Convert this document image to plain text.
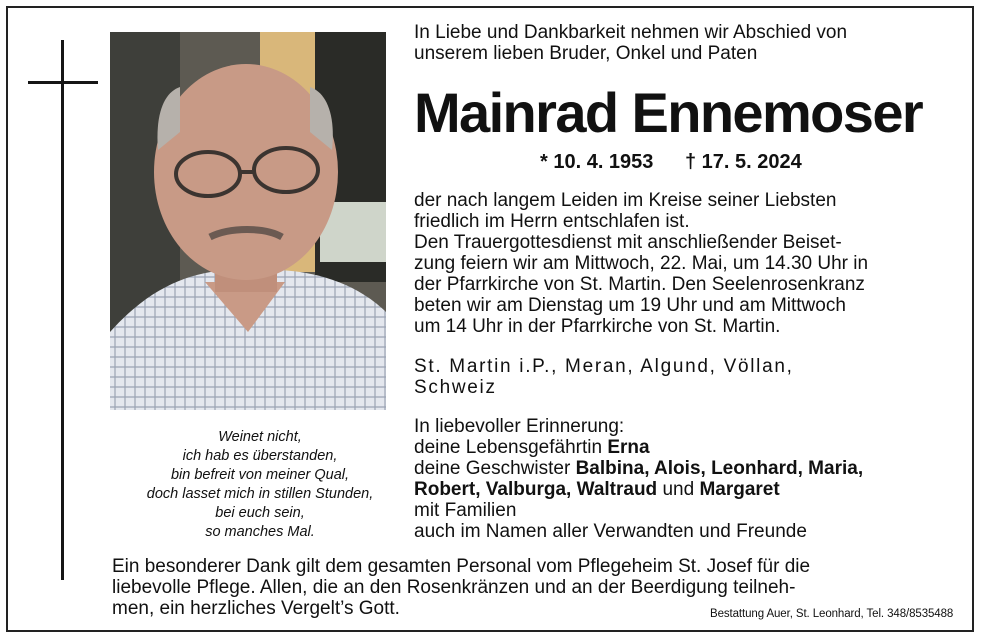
Weinet nicht,
ich hab es überstanden,
bin befreit von meiner Qual,
doch lasset mich in stillen Stunden,
bei euch sein,
so manches Mal.
In Liebe und Dankbarkeit nehmen wir Abschied von
unserem lieben Bruder, Onkel und Paten
Mainrad Ennemoser
* 10. 4. 1953 † 17. 5. 2024
der nach langem Leiden im Kreise seiner Liebsten
friedlich im Herrn entschlafen ist.
Den Trauergottesdienst mit anschließender Beiset-
zung feiern wir am Mittwoch, 22. Mai, um 14.30 Uhr in
der Pfarrkirche von St. Martin. Den Seelenrosenkranz
beten wir am Dienstag um 19 Uhr und am Mittwoch
um 14 Uhr in der Pfarrkirche von St. Martin.
St. Martin i.P., Meran, Algund, Völlan,
Schweiz
In liebevoller Erinnerung:
deine Lebensgefährtin Erna
deine Geschwister Balbina, Alois, Leonhard, Maria,
Robert, Valburga, Waltraud und Margaret
mit Familien
auch im Namen aller Verwandten und Freunde
Ein besonderer Dank gilt dem gesamten Personal vom Pflegeheim St. Josef für die
liebevolle Pflege. Allen, die an den Rosenkränzen und an der Beerdigung teilneh-
men, ein herzliches Vergelt’s Gott.	Bestattung Auer, St. Leonhard, Tel. 348/8535488
